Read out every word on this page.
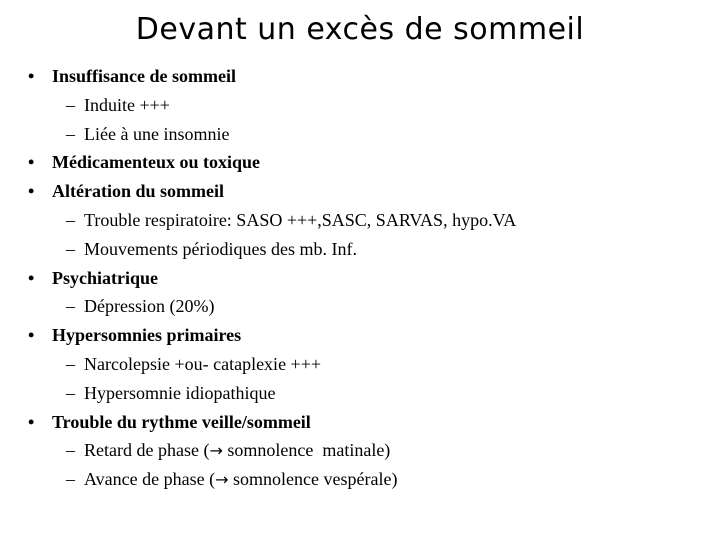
Devant un excès de sommeil
• Insuffisance de sommeil
– Induite +++
– Liée à une insomnie
• Médicamenteux ou toxique
• Altération du sommeil
– Trouble respiratoire: SASO +++,SASC, SARVAS, hypo.VA
– Mouvements périodiques des mb. Inf.
• Psychiatrique
– Dépression (20%)
• Hypersomnies primaires
– Narcolepsie +ou- cataplexie +++
– Hypersomnie idiopathique
• Trouble du rythme veille/sommeil
– Retard de phase (→ somnolence  matinale)
– Avance de phase (→ somnolence vespérale)
